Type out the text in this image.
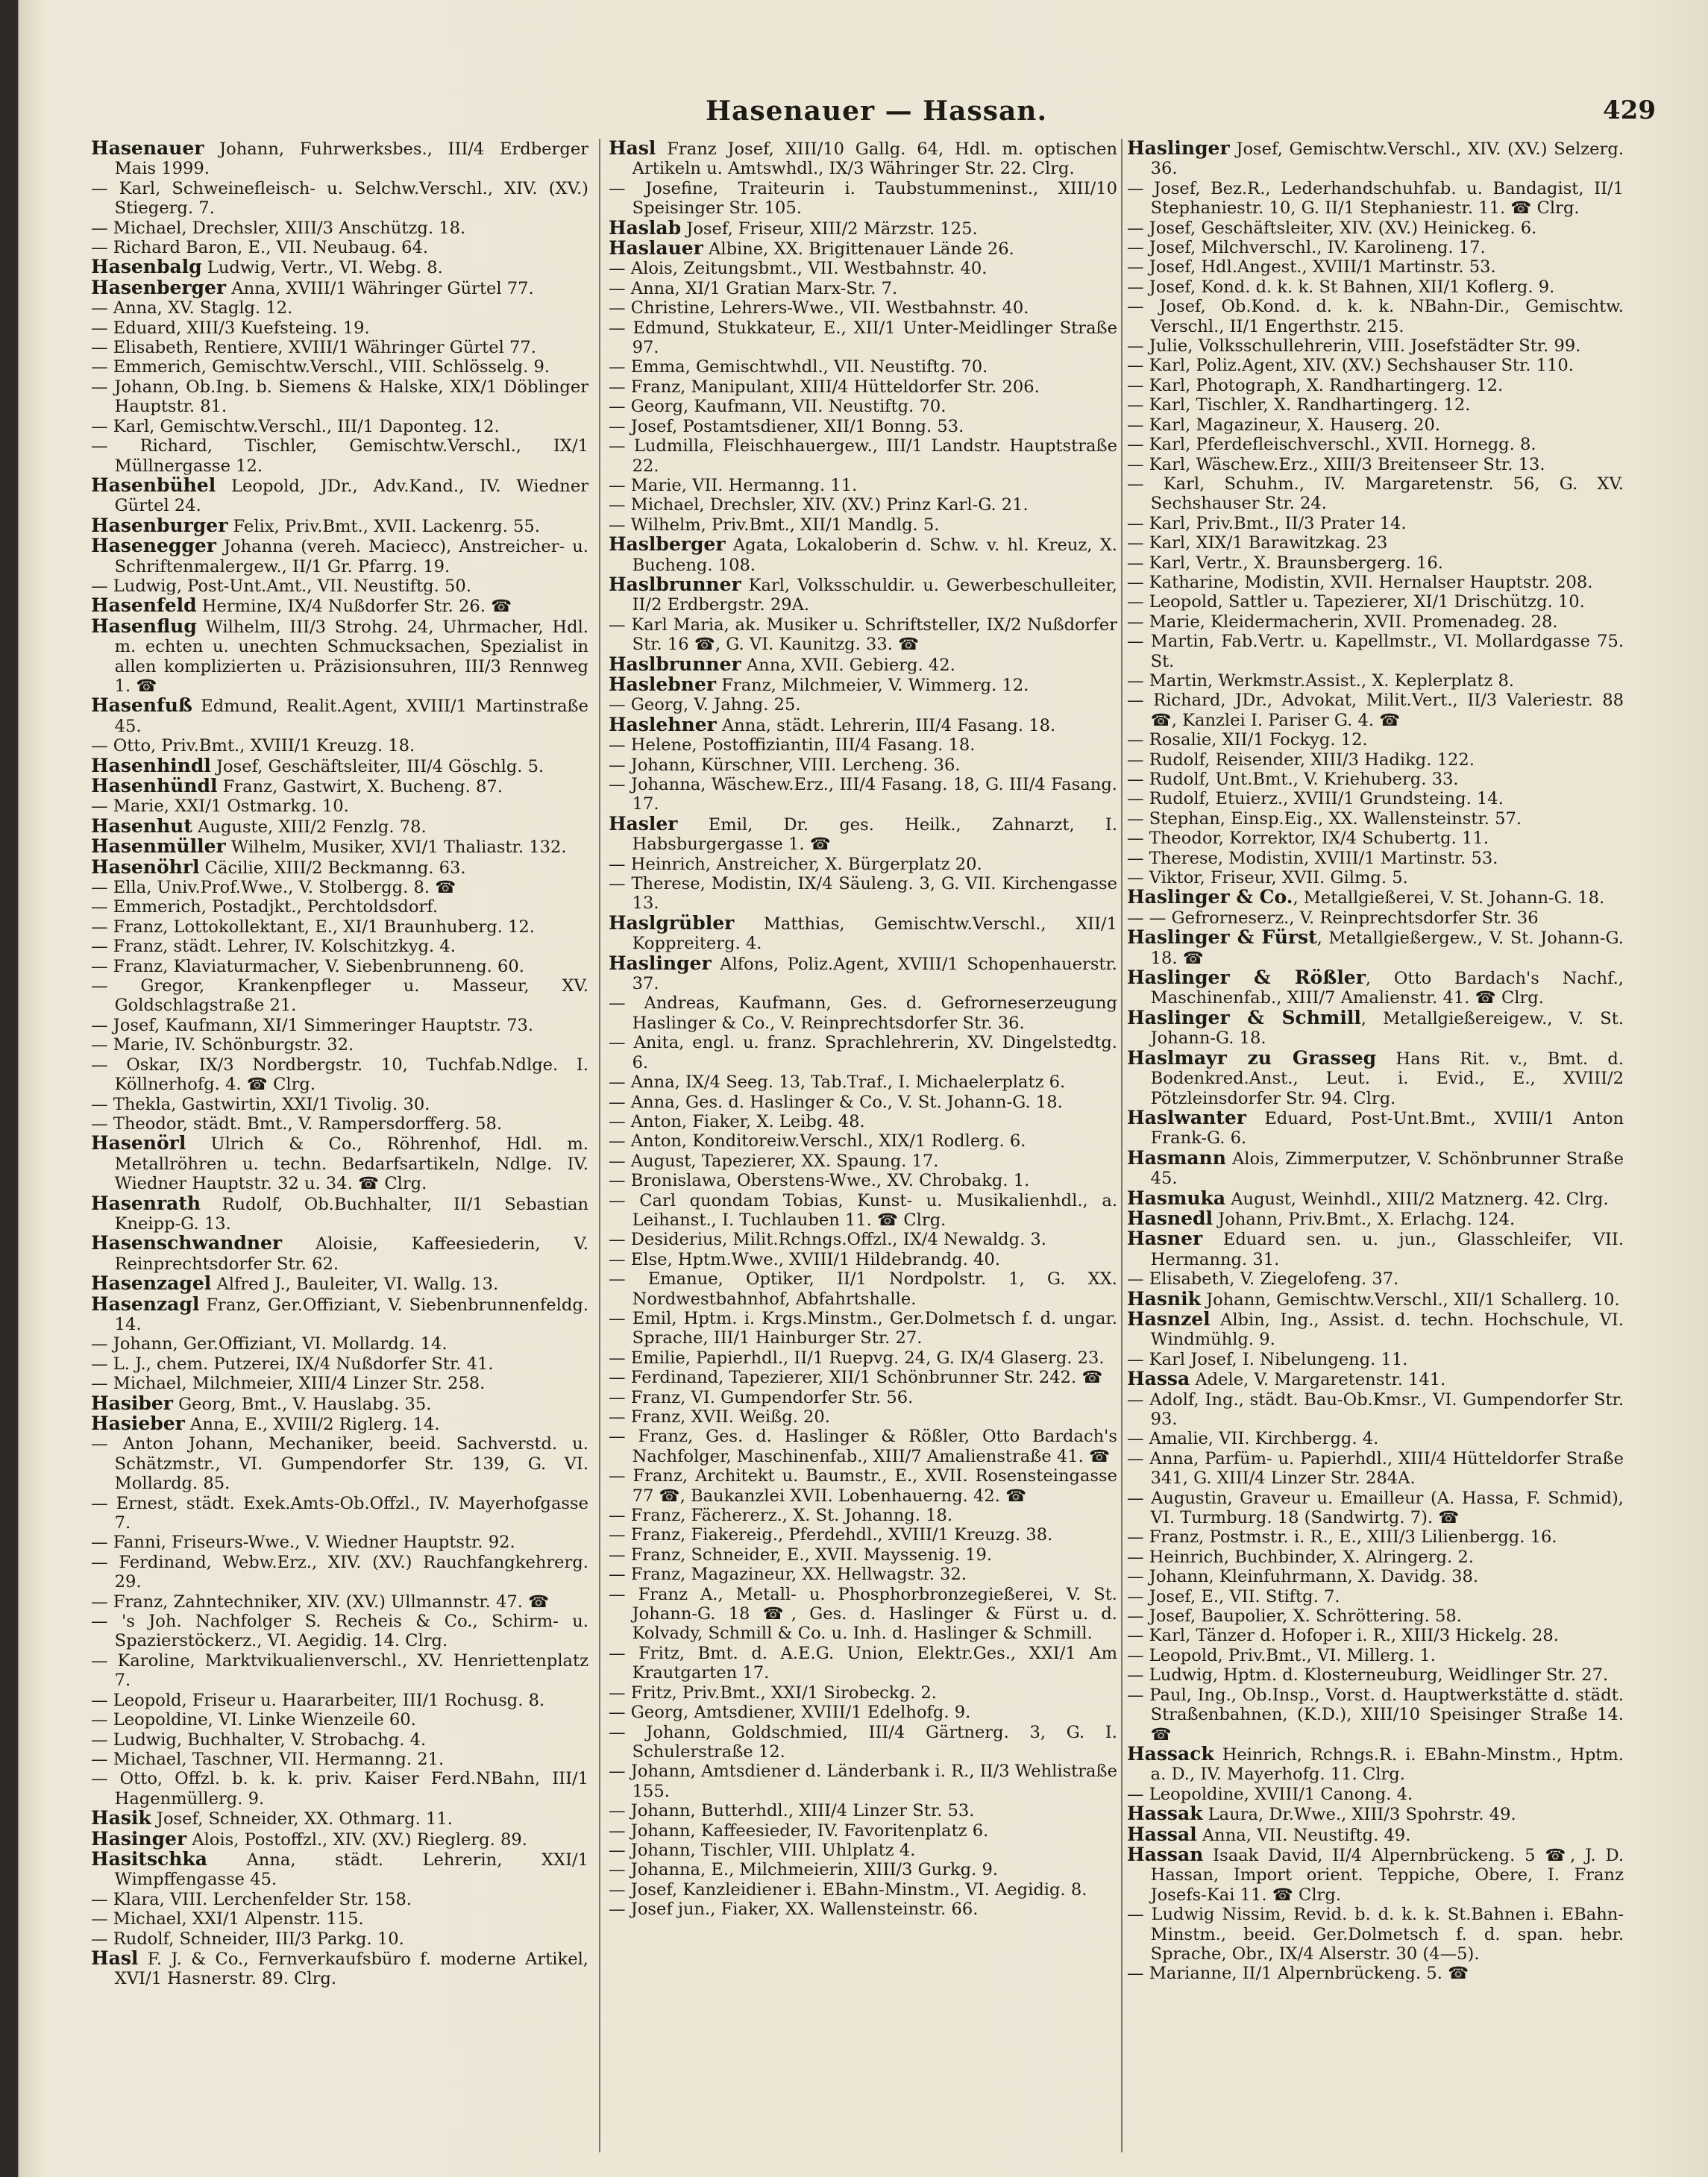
Hasenauer — Hassan.	429
Hasenauer Johann, Fuhrwerksbes., III/4 Erdberger Mais 1999.
— Karl, Schweinefleisch- u. Selchw.Verschl., XIV. (XV.) Stiegerg. 7.
— Michael, Drechsler, XIII/3 Anschützg. 18.
— Richard Baron, E., VII. Neubaug. 64.
Hasenbalg Ludwig, Vertr., VI. Webg. 8.
Hasenberger Anna, XVIII/1 Währinger Gürtel 77.
— Anna, XV. Staglg. 12.
— Eduard, XIII/3 Kuefsteing. 19.
— Elisabeth, Rentiere, XVIII/1 Währinger Gürtel 77.
— Emmerich, Gemischtw.Verschl., VIII. Schlösselg. 9.
— Johann, Ob.Ing. b. Siemens & Halske, XIX/1 Döblinger Hauptstr. 81.
— Karl, Gemischtw.Verschl., III/1 Daponteg. 12.
— Richard, Tischler, Gemischtw.Verschl., IX/1 Müllnergasse 12.
Hasenbühel Leopold, JDr., Adv.Kand., IV. Wiedner Gürtel 24.
Hasenburger Felix, Priv.Bmt., XVII. Lackenrg. 55.
Hasenegger Johanna (vereh. Maciecc), Anstreicher- u. Schriftenmalergew., II/1 Gr. Pfarrg. 19.
— Ludwig, Post-Unt.Amt., VII. Neustiftg. 50.
Hasenfeld Hermine, IX/4 Nußdorfer Str. 26. ☎
Hasenflug Wilhelm, III/3 Strohg. 24, Uhrmacher, Hdl. m. echten u. unechten Schmucksachen, Spezialist in allen komplizierten u. Präzisionsuhren, III/3 Rennweg 1. ☎
Hasenfuß Edmund, Realit.Agent, XVIII/1 Martinstraße 45.
— Otto, Priv.Bmt., XVIII/1 Kreuzg. 18.
Hasenhindl Josef, Geschäftsleiter, III/4 Göschlg. 5.
Hasenhündl Franz, Gastwirt, X. Bucheng. 87.
— Marie, XXI/1 Ostmarkg. 10.
Hasenhut Auguste, XIII/2 Fenzlg. 78.
Hasenmüller Wilhelm, Musiker, XVI/1 Thaliastr. 132.
Hasenöhrl Cäcilie, XIII/2 Beckmanng. 63.
— Ella, Univ.Prof.Wwe., V. Stolbergg. 8. ☎
— Emmerich, Postadjkt., Perchtoldsdorf.
— Franz, Lottokollektant, E., XI/1 Braunhuberg. 12.
— Franz, städt. Lehrer, IV. Kolschitzkyg. 4.
— Franz, Klaviaturmacher, V. Siebenbrunneng. 60.
— Gregor, Krankenpfleger u. Masseur, XV. Goldschlagstraße 21.
— Josef, Kaufmann, XI/1 Simmeringer Hauptstr. 73.
— Marie, IV. Schönburgstr. 32.
— Oskar, IX/3 Nordbergstr. 10, Tuchfab.Ndlge. I. Köllnerhofg. 4. ☎ Clrg.
— Thekla, Gastwirtin, XXI/1 Tivolig. 30.
— Theodor, städt. Bmt., V. Rampersdorfferg. 58.
Hasenörl Ulrich & Co., Röhrenhof, Hdl. m. Metallröhren u. techn. Bedarfsartikeln, Ndlge. IV. Wiedner Hauptstr. 32 u. 34. ☎ Clrg.
Hasenrath Rudolf, Ob.Buchhalter, II/1 Sebastian Kneipp-G. 13.
Hasenschwandner Aloisie, Kaffeesiederin, V. Reinprechtsdorfer Str. 62.
Hasenzagel Alfred J., Bauleiter, VI. Wallg. 13.
Hasenzagl Franz, Ger.Offiziant, V. Siebenbrunnenfeldg. 14.
— Johann, Ger.Offiziant, VI. Mollardg. 14.
— L. J., chem. Putzerei, IX/4 Nußdorfer Str. 41.
— Michael, Milchmeier, XIII/4 Linzer Str. 258.
Hasiber Georg, Bmt., V. Hauslabg. 35.
Hasieber Anna, E., XVIII/2 Riglerg. 14.
— Anton Johann, Mechaniker, beeid. Sachverstd. u. Schätzmstr., VI. Gumpendorfer Str. 139, G. VI. Mollardg. 85.
— Ernest, städt. Exek.Amts-Ob.Offzl., IV. Mayerhofgasse 7.
— Fanni, Friseurs-Wwe., V. Wiedner Hauptstr. 92.
— Ferdinand, Webw.Erz., XIV. (XV.) Rauchfangkehrerg. 29.
— Franz, Zahntechniker, XIV. (XV.) Ullmannstr. 47. ☎
— 's Joh. Nachfolger S. Recheis & Co., Schirm- u. Spazierstöckerz., VI. Aegidig. 14. Clrg.
— Karoline, Marktvikualienverschl., XV. Henriettenplatz 7.
— Leopold, Friseur u. Haararbeiter, III/1 Rochusg. 8.
— Leopoldine, VI. Linke Wienzeile 60.
— Ludwig, Buchhalter, V. Strobachg. 4.
— Michael, Taschner, VII. Hermanng. 21.
— Otto, Offzl. b. k. k. priv. Kaiser Ferd.NBahn, III/1 Hagenmüllerg. 9.
Hasik Josef, Schneider, XX. Othmarg. 11.
Hasinger Alois, Postoffzl., XIV. (XV.) Rieglerg. 89.
Hasitschka Anna, städt. Lehrerin, XXI/1 Wimpffengasse 45.
— Klara, VIII. Lerchenfelder Str. 158.
— Michael, XXI/1 Alpenstr. 115.
— Rudolf, Schneider, III/3 Parkg. 10.
Hasl F. J. & Co., Fernverkaufsbüro f. moderne Artikel, XVI/1 Hasnerstr. 89. Clrg.
Hasl Franz Josef, XIII/10 Gallg. 64, Hdl. m. optischen Artikeln u. Amtswhdl., IX/3 Währinger Str. 22. Clrg.
— Josefine, Traiteurin i. Taubstummeninst., XIII/10 Speisinger Str. 105.
Haslab Josef, Friseur, XIII/2 Märzstr. 125.
Haslauer Albine, XX. Brigittenauer Lände 26.
— Alois, Zeitungsbmt., VII. Westbahnstr. 40.
— Anna, XI/1 Gratian Marx-Str. 7.
— Christine, Lehrers-Wwe., VII. Westbahnstr. 40.
— Edmund, Stukkateur, E., XII/1 Unter-Meidlinger Straße 97.
— Emma, Gemischtwhdl., VII. Neustiftg. 70.
— Franz, Manipulant, XIII/4 Hütteldorfer Str. 206.
— Georg, Kaufmann, VII. Neustiftg. 70.
— Josef, Postamtsdiener, XII/1 Bonng. 53.
— Ludmilla, Fleischhauergew., III/1 Landstr. Hauptstraße 22.
— Marie, VII. Hermanng. 11.
— Michael, Drechsler, XIV. (XV.) Prinz Karl-G. 21.
— Wilhelm, Priv.Bmt., XII/1 Mandlg. 5.
Haslberger Agata, Lokaloberin d. Schw. v. hl. Kreuz, X. Bucheng. 108.
Haslbrunner Karl, Volksschuldir. u. Gewerbeschulleiter, II/2 Erdbergstr. 29A.
— Karl Maria, ak. Musiker u. Schriftsteller, IX/2 Nußdorfer Str. 16 ☎, G. VI. Kaunitzg. 33. ☎
Haslbrunner Anna, XVII. Gebierg. 42.
Haslebner Franz, Milchmeier, V. Wimmerg. 12.
— Georg, V. Jahng. 25.
Haslehner Anna, städt. Lehrerin, III/4 Fasang. 18.
— Helene, Postoffiziantin, III/4 Fasang. 18.
— Johann, Kürschner, VIII. Lercheng. 36.
— Johanna, Wäschew.Erz., III/4 Fasang. 18, G. III/4 Fasang. 17.
Hasler Emil, Dr. ges. Heilk., Zahnarzt, I. Habsburgergasse 1. ☎
— Heinrich, Anstreicher, X. Bürgerplatz 20.
— Therese, Modistin, IX/4 Säuleng. 3, G. VII. Kirchengasse 13.
Haslgrübler Matthias, Gemischtw.Verschl., XII/1 Koppreiterg. 4.
Haslinger Alfons, Poliz.Agent, XVIII/1 Schopenhauerstr. 37.
— Andreas, Kaufmann, Ges. d. Gefrorneserzeugung Haslinger & Co., V. Reinprechtsdorfer Str. 36.
— Anita, engl. u. franz. Sprachlehrerin, XV. Dingelstedtg. 6.
— Anna, IX/4 Seeg. 13, Tab.Traf., I. Michaelerplatz 6.
— Anna, Ges. d. Haslinger & Co., V. St. Johann-G. 18.
— Anton, Fiaker, X. Leibg. 48.
— Anton, Konditoreiw.Verschl., XIX/1 Rodlerg. 6.
— August, Tapezierer, XX. Spaung. 17.
— Bronislawa, Oberstens-Wwe., XV. Chrobakg. 1.
— Carl quondam Tobias, Kunst- u. Musikalienhdl., a. Leihanst., I. Tuchlauben 11. ☎ Clrg.
— Desiderius, Milit.Rchngs.Offzl., IX/4 Newaldg. 3.
— Else, Hptm.Wwe., XVIII/1 Hildebrandg. 40.
— Emanue, Optiker, II/1 Nordpolstr. 1, G. XX. Nordwestbahnhof, Abfahrtshalle.
— Emil, Hptm. i. Krgs.Minstm., Ger.Dolmetsch f. d. ungar. Sprache, III/1 Hainburger Str. 27.
— Emilie, Papierhdl., II/1 Ruepvg. 24, G. IX/4 Glaserg. 23.
— Ferdinand, Tapezierer, XII/1 Schönbrunner Str. 242. ☎
— Franz, VI. Gumpendorfer Str. 56.
— Franz, XVII. Weißg. 20.
— Franz, Ges. d. Haslinger & Rößler, Otto Bardach's Nachfolger, Maschinenfab., XIII/7 Amalienstraße 41. ☎
— Franz, Architekt u. Baumstr., E., XVII. Rosensteingasse 77 ☎, Baukanzlei XVII. Lobenhauerng. 42. ☎
— Franz, Fächererz., X. St. Johanng. 18.
— Franz, Fiakereig., Pferdehdl., XVIII/1 Kreuzg. 38.
— Franz, Schneider, E., XVII. Mayssenig. 19.
— Franz, Magazineur, XX. Hellwagstr. 32.
— Franz A., Metall- u. Phosphorbronzegießerei, V. St. Johann-G. 18 ☎, Ges. d. Haslinger & Fürst u. d. Kolvady, Schmill & Co. u. Inh. d. Haslinger & Schmill.
— Fritz, Bmt. d. A.E.G. Union, Elektr.Ges., XXI/1 Am Krautgarten 17.
— Fritz, Priv.Bmt., XXI/1 Sirobeckg. 2.
— Georg, Amtsdiener, XVIII/1 Edelhofg. 9.
— Johann, Goldschmied, III/4 Gärtnerg. 3, G. I. Schulerstraße 12.
— Johann, Amtsdiener d. Länderbank i. R., II/3 Wehlistraße 155.
— Johann, Butterhdl., XIII/4 Linzer Str. 53.
— Johann, Kaffeesieder, IV. Favoritenplatz 6.
— Johann, Tischler, VIII. Uhlplatz 4.
— Johanna, E., Milchmeierin, XIII/3 Gurkg. 9.
— Josef, Kanzleidiener i. EBahn-Minstm., VI. Aegidig. 8.
— Josef jun., Fiaker, XX. Wallensteinstr. 66.
Haslinger Josef, Gemischtw.Verschl., XIV. (XV.) Selzerg. 36.
— Josef, Bez.R., Lederhandschuhfab. u. Bandagist, II/1 Stephaniestr. 10, G. II/1 Stephaniestr. 11. ☎ Clrg.
— Josef, Geschäftsleiter, XIV. (XV.) Heinickeg. 6.
— Josef, Milchverschl., IV. Karolineng. 17.
— Josef, Hdl.Angest., XVIII/1 Martinstr. 53.
— Josef, Kond. d. k. k. St Bahnen, XII/1 Koflerg. 9.
— Josef, Ob.Kond. d. k. k. NBahn-Dir., Gemischtw. Verschl., II/1 Engerthstr. 215.
— Julie, Volksschullehrerin, VIII. Josefstädter Str. 99.
— Karl, Poliz.Agent, XIV. (XV.) Sechshauser Str. 110.
— Karl, Photograph, X. Randhartingerg. 12.
— Karl, Tischler, X. Randhartingerg. 12.
— Karl, Magazineur, X. Hauserg. 20.
— Karl, Pferdefleischverschl., XVII. Hornegg. 8.
— Karl, Wäschew.Erz., XIII/3 Breitenseer Str. 13.
— Karl, Schuhm., IV. Margaretenstr. 56, G. XV. Sechshauser Str. 24.
— Karl, Priv.Bmt., II/3 Prater 14.
— Karl, XIX/1 Barawitzkag. 23
— Karl, Vertr., X. Braunsbergerg. 16.
— Katharine, Modistin, XVII. Hernalser Hauptstr. 208.
— Leopold, Sattler u. Tapezierer, XI/1 Drischützg. 10.
— Marie, Kleidermacherin, XVII. Promenadeg. 28.
— Martin, Fab.Vertr. u. Kapellmstr., VI. Mollardgasse 75. St.
— Martin, Werkmstr.Assist., X. Keplerplatz 8.
— Richard, JDr., Advokat, Milit.Vert., II/3 Valeriestr. 88 ☎, Kanzlei I. Pariser G. 4. ☎
— Rosalie, XII/1 Fockyg. 12.
— Rudolf, Reisender, XIII/3 Hadikg. 122.
— Rudolf, Unt.Bmt., V. Kriehuberg. 33.
— Rudolf, Etuierz., XVIII/1 Grundsteing. 14.
— Stephan, Einsp.Eig., XX. Wallensteinstr. 57.
— Theodor, Korrektor, IX/4 Schubertg. 11.
— Therese, Modistin, XVIII/1 Martinstr. 53.
— Viktor, Friseur, XVII. Gilmg. 5.
Haslinger & Co., Metallgießerei, V. St. Johann-G. 18.
— — Gefrorneserz., V. Reinprechtsdorfer Str. 36
Haslinger & Fürst, Metallgießergew., V. St. Johann-G. 18. ☎
Haslinger & Rößler, Otto Bardach's Nachf., Maschinenfab., XIII/7 Amalienstr. 41. ☎ Clrg.
Haslinger & Schmill, Metallgießereigew., V. St. Johann-G. 18.
Haslmayr zu Grasseg Hans Rit. v., Bmt. d. Bodenkred.Anst., Leut. i. Evid., E., XVIII/2 Pötzleinsdorfer Str. 94. Clrg.
Haslwanter Eduard, Post-Unt.Bmt., XVIII/1 Anton Frank-G. 6.
Hasmann Alois, Zimmerputzer, V. Schönbrunner Straße 45.
Hasmuka August, Weinhdl., XIII/2 Matznerg. 42. Clrg.
Hasnedl Johann, Priv.Bmt., X. Erlachg. 124.
Hasner Eduard sen. u. jun., Glasschleifer, VII. Hermanng. 31.
— Elisabeth, V. Ziegelofeng. 37.
Hasnik Johann, Gemischtw.Verschl., XII/1 Schallerg. 10.
Hasnzel Albin, Ing., Assist. d. techn. Hochschule, VI. Windmühlg. 9.
— Karl Josef, I. Nibelungeng. 11.
Hassa Adele, V. Margaretenstr. 141.
— Adolf, Ing., städt. Bau-Ob.Kmsr., VI. Gumpendorfer Str. 93.
— Amalie, VII. Kirchbergg. 4.
— Anna, Parfüm- u. Papierhdl., XIII/4 Hütteldorfer Straße 341, G. XIII/4 Linzer Str. 284A.
— Augustin, Graveur u. Emailleur (A. Hassa, F. Schmid), VI. Turmburg. 18 (Sandwirtg. 7). ☎
— Franz, Postmstr. i. R., E., XIII/3 Lilienbergg. 16.
— Heinrich, Buchbinder, X. Alringerg. 2.
— Johann, Kleinfuhrmann, X. Davidg. 38.
— Josef, E., VII. Stiftg. 7.
— Josef, Baupolier, X. Schröttering. 58.
— Karl, Tänzer d. Hofoper i. R., XIII/3 Hickelg. 28.
— Leopold, Priv.Bmt., VI. Millerg. 1.
— Ludwig, Hptm. d. Klosterneuburg, Weidlinger Str. 27.
— Paul, Ing., Ob.Insp., Vorst. d. Hauptwerkstätte d. städt. Straßenbahnen, (K.D.), XIII/10 Speisinger Straße 14. ☎
Hassack Heinrich, Rchngs.R. i. EBahn-Minstm., Hptm. a. D., IV. Mayerhofg. 11. Clrg.
— Leopoldine, XVIII/1 Canong. 4.
Hassak Laura, Dr.Wwe., XIII/3 Spohrstr. 49.
Hassal Anna, VII. Neustiftg. 49.
Hassan Isaak David, II/4 Alpernbrückeng. 5 ☎, J. D. Hassan, Import orient. Teppiche, Obere, I. Franz Josefs-Kai 11. ☎ Clrg.
— Ludwig Nissim, Revid. b. d. k. k. St.Bahnen i. EBahn-Minstm., beeid. Ger.Dolmetsch f. d. span. hebr. Sprache, Obr., IX/4 Alserstr. 30 (4—5).
— Marianne, II/1 Alpernbrückeng. 5. ☎
